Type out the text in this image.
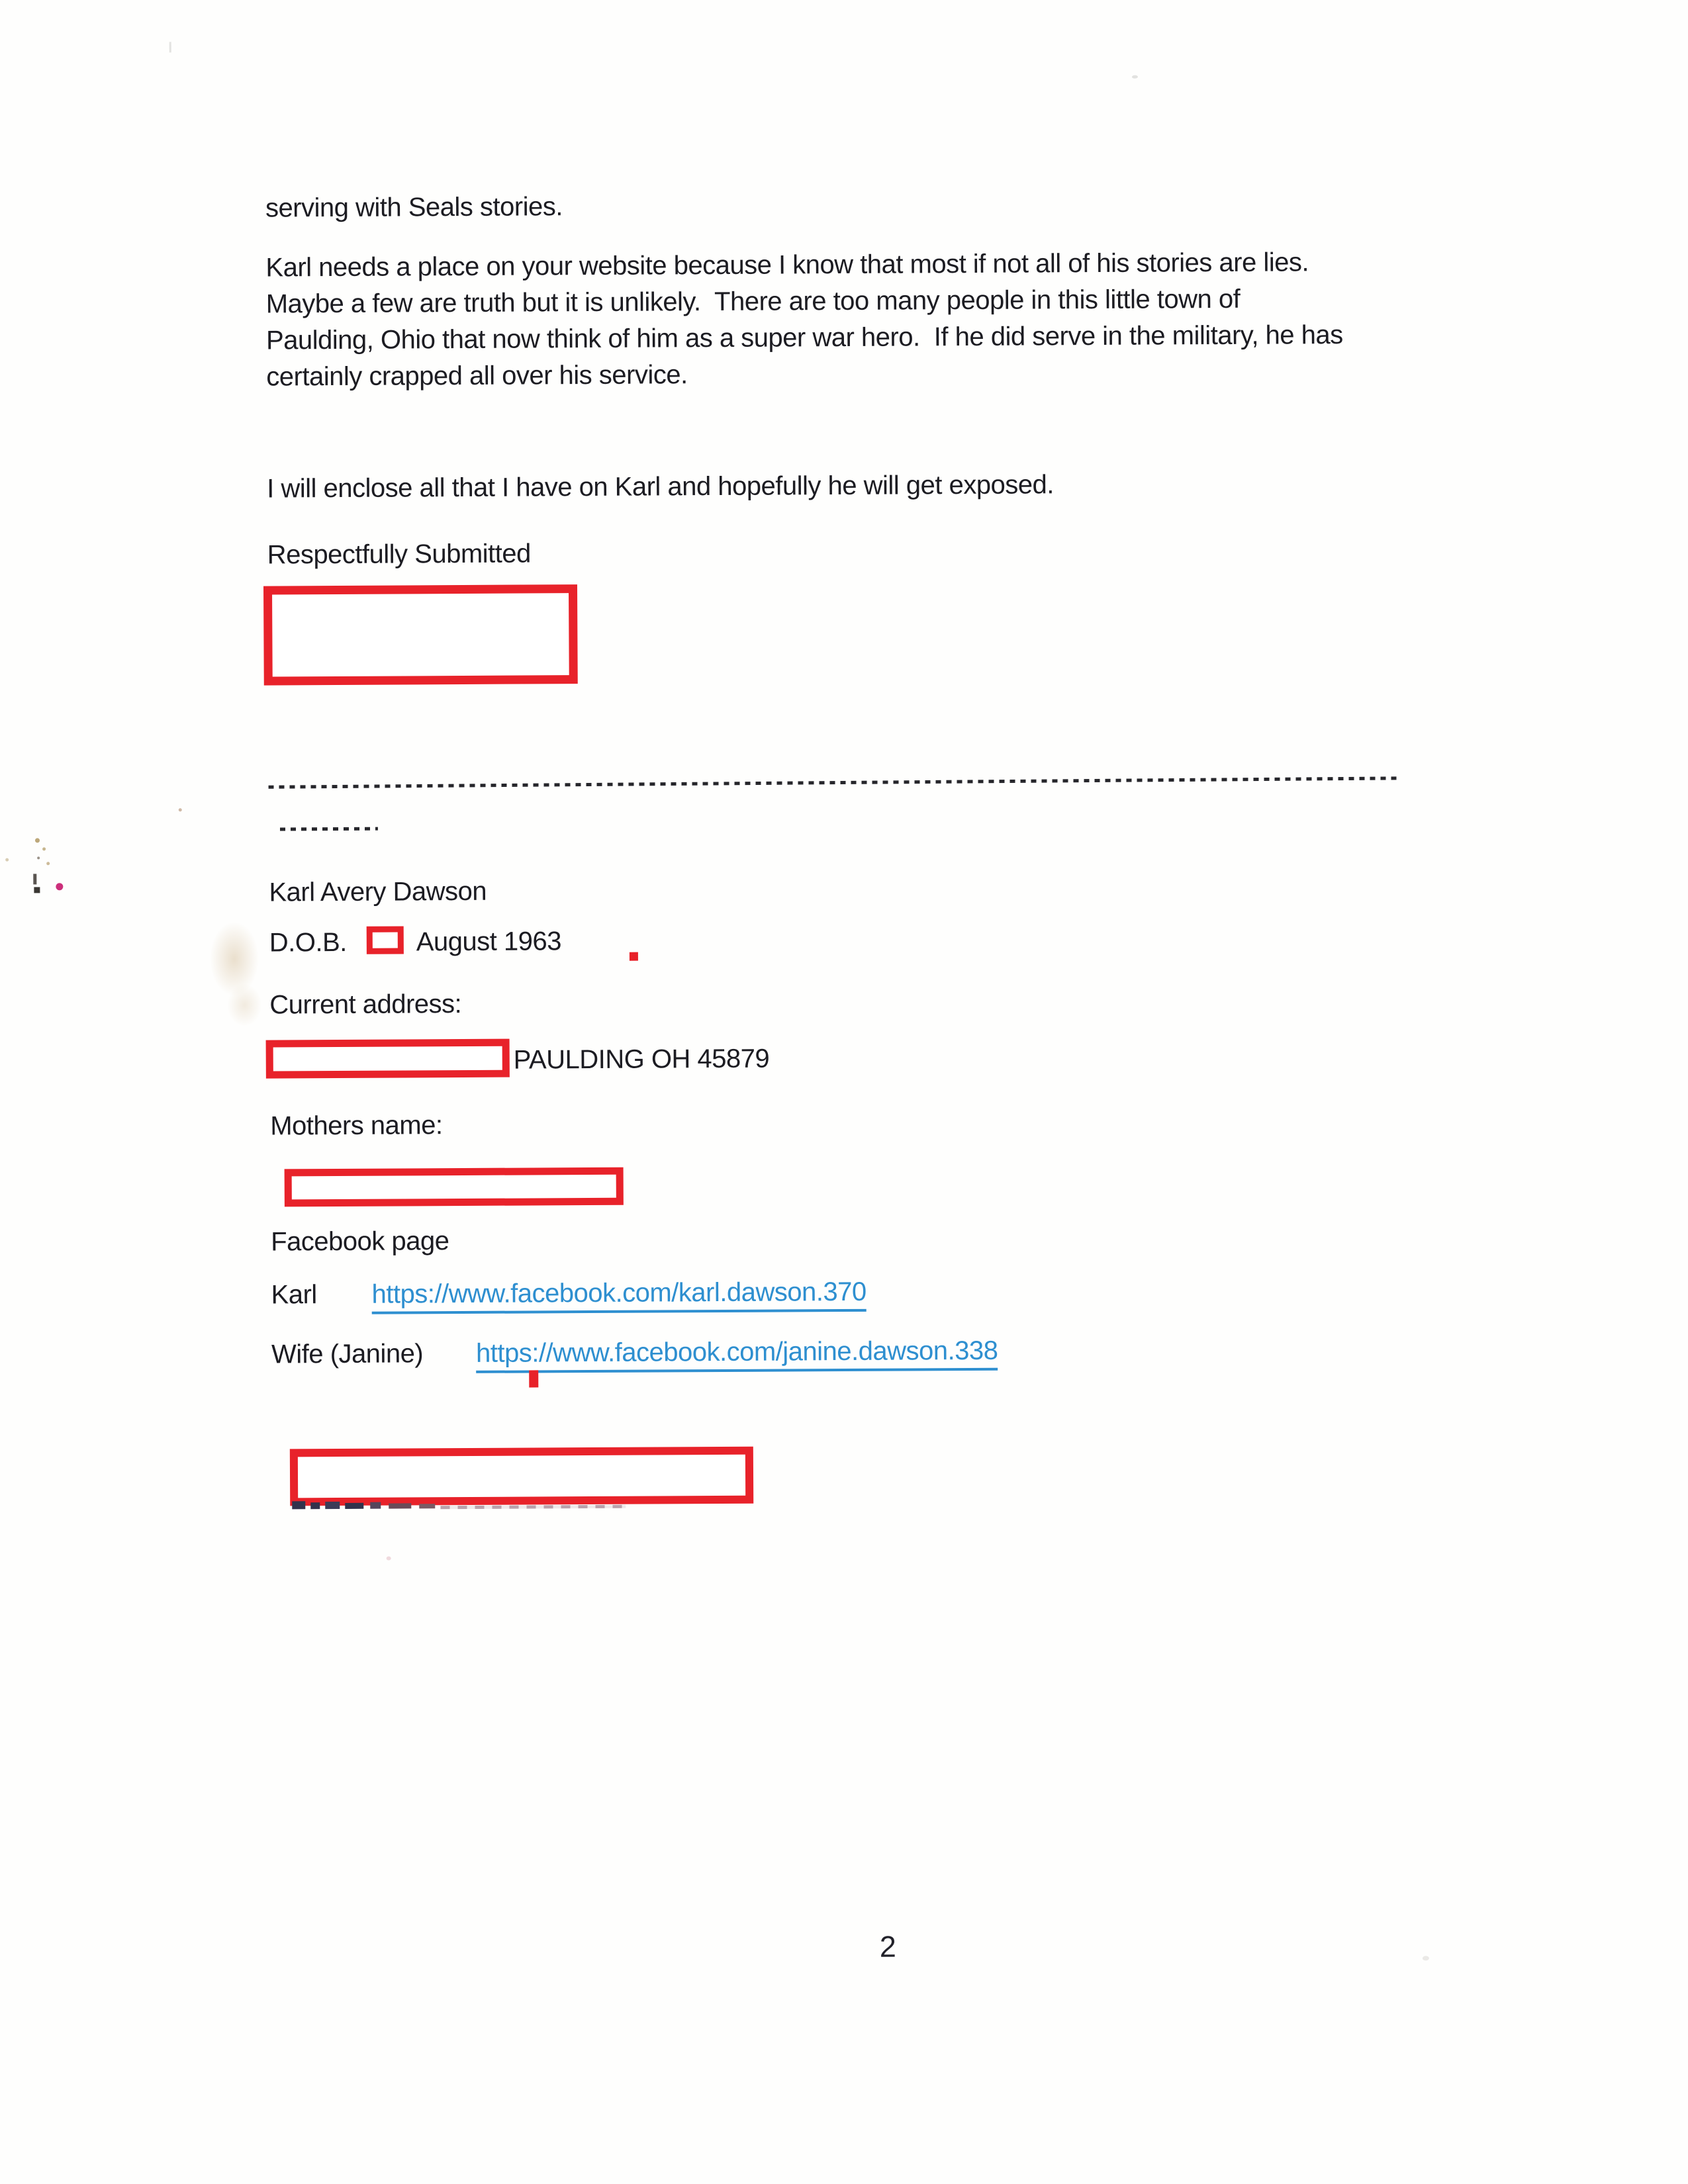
serving with Seals stories.
Karl needs a place on your website because I know that most if not all of his stories are lies.
Maybe a few are truth but it is unlikely.  There are too many people in this little town of
Paulding, Ohio that now think of him as a super war hero.  If he did serve in the military, he has
certainly crapped all over his service.
I will enclose all that I have on Karl and hopefully he will get exposed.
Respectfully Submitted
Karl Avery Dawson
D.O.B.	August 1963
Current address:
PAULDING OH 45879
Mothers name:
Facebook page
Karl https://www.facebook.com/karl.dawson.370
Wife (Janine) https://www.facebook.com/janine.dawson.338
2
